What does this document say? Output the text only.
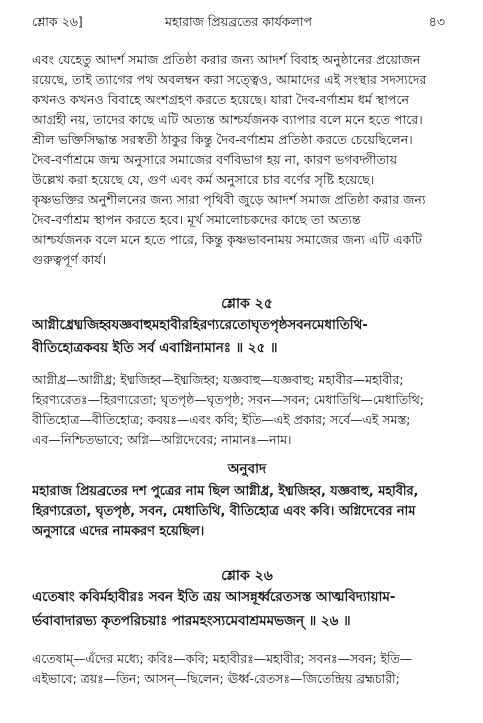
শ্লোক ২৬]	মহারাজ প্রিয়ব্রতের কার্যকলাপ	৪৩
এবং যেহেতু আদর্শ সমাজ প্রতিষ্ঠা করার জন্য আদর্শ বিবাহ অনুষ্ঠানের প্রয়োজন
রয়েছে, তাই ত্যাগের পথ অবলম্বন করা সত্ত্বেও, আমাদের এই সংস্থার সদস্যদের
কখনও কখনও বিবাহে অংশগ্রহণ করতে হয়েছে। যারা দৈব-বর্ণাশ্রম ধর্ম স্থাপনে
আগ্রহী নয়, তাদের কাছে এটি অত্যন্ত আশ্চর্যজনক ব্যাপার বলে মনে হতে পারে।
শ্রীল ভক্তিসিদ্ধান্ত সরস্বতী ঠাকুর কিন্তু দৈব-বর্ণাশ্রম প্রতিষ্ঠা করতে চেয়েছিলেন।
দৈব-বর্ণাশ্রমে জন্ম অনুসারে সমাজের বর্ণবিভাগ হয় না, কারণ ভগবদ্গীতায়
উল্লেখ করা হয়েছে যে, গুণ এবং কর্ম অনুসারে চার বর্ণের সৃষ্টি হয়েছে।
কৃষ্ণভক্তির অনুশীলনের জন্য সারা পৃথিবী জুড়ে আদর্শ সমাজ প্রতিষ্ঠা করার জন্য
দৈব-বর্ণাশ্রম স্থাপন করতে হবে। মূর্খ সমালোচকদের কাছে তা অত্যন্ত
আশ্চর্যজনক বলে মনে হতে পারে, কিন্তু কৃষ্ণভাবনাময় সমাজের জন্য এটি একটি
গুরুত্বপূর্ণ কার্য।
শ্লোক ২৫
আগ্নীধ্রেধ্মজিহ্বযজ্ঞবাহুমহাবীরহিরণ্যরেতোঘৃতপৃষ্ঠসবনমেধাতিথি-
বীতিহোত্রকবয় ইতি সর্ব এবাগ্নিনামানঃ ॥ ২৫ ॥
আগ্নীধ্র—আগ্নীধ্র; ইধ্মজিহ্ব—ইধ্মজিহ্ব; যজ্ঞবাহু—যজ্ঞবাহু; মহাবীর—মহাবীর;
হিরণ্যরেতঃ—হিরণ্যরেতা; ঘৃতপৃষ্ঠ—ঘৃতপৃষ্ঠ; সবন—সবন; মেধাতিথি—মেধাতিথি;
বীতিহোত্র—বীতিহোত্র; কবয়ঃ—এবং কবি; ইতি—এই প্রকার; সর্বে—এই সমস্ত;
এব—নিশ্চিতভাবে; অগ্নি—অগ্নিদেবের; নামানঃ—নাম।
অনুবাদ
মহারাজ প্রিয়ব্রতের দশ পুত্রের নাম ছিল আগ্নীধ্র, ইধ্মজিহ্ব, যজ্ঞবাহু, মহাবীর,
হিরণ্যরেতা, ঘৃতপৃষ্ঠ, সবন, মেধাতিথি, বীতিহোত্র এবং কবি। অগ্নিদেবের নাম
অনুসারে এদের নামকরণ হয়েছিল।
শ্লোক ২৬
এতেষাং কবির্মহাবীরঃ সবন ইতি ত্রয় আসন্নূর্ধ্বরেতসস্ত আত্মবিদ্যায়াম-
র্ভবাবাদারভ্য কৃতপরিচয়াঃ পারমহংস্যমেবাশ্রমমভজন্ ॥ ২৬ ॥
এতেষাম্—এঁদের মধ্যে; কবিঃ—কবি; মহাবীরঃ—মহাবীর; সবনঃ—সবন; ইতি—
এইভাবে; ত্রয়ঃ—তিন; আসন্—ছিলেন; ঊর্ধ্ব-রেতসঃ—জিতেন্দ্রিয় ব্রহ্মচারী;
